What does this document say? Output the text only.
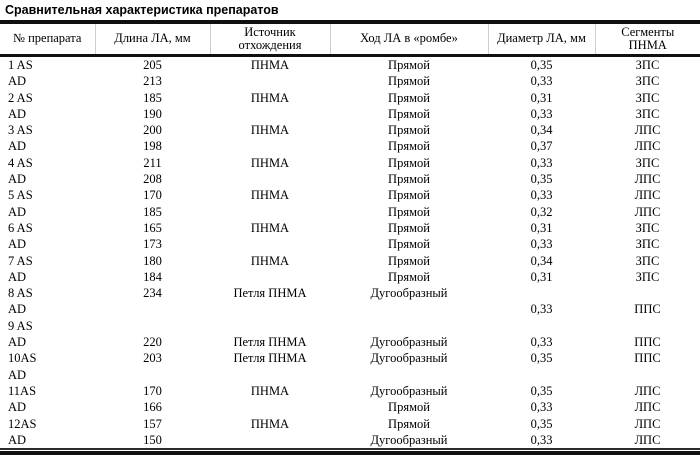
Сравнительная характеристика препаратов
№ препарата	Длина ЛА, мм	Источник отхождения	Ход ЛА в «ромбе»	Диаметр ЛА, мм	Сегменты ПНМА
1 AS	205	ПНМА	Прямой	0,35	ЗПС
AD	213		Прямой	0,33	ЗПС
2 AS	185	ПНМА	Прямой	0,31	ЗПС
AD	190		Прямой	0,33	ЗПС
3 AS	200	ПНМА	Прямой	0,34	ЛПС
AD	198		Прямой	0,37	ЛПС
4 AS	211	ПНМА	Прямой	0,33	ЗПС
AD	208		Прямой	0,35	ЛПС
5 AS	170	ПНМА	Прямой	0,33	ЛПС
AD	185		Прямой	0,32	ЛПС
6 AS	165	ПНМА	Прямой	0,31	ЗПС
AD	173		Прямой	0,33	ЗПС
7 AS	180	ПНМА	Прямой	0,34	ЗПС
AD	184		Прямой	0,31	ЗПС
8 AS	234	Петля ПНМА	Дугообразный		
AD				0,33	ППС
9 AS					
AD	220	Петля ПНМА	Дугообразный	0,33	ППС
10AS	203	Петля ПНМА	Дугообразный	0,35	ППС
AD					
11AS	170	ПНМА	Дугообразный	0,35	ЛПС
AD	166		Прямой	0,33	ЛПС
12AS	157	ПНМА	Прямой	0,35	ЛПС
AD	150		Дугообразный	0,33	ЛПС
